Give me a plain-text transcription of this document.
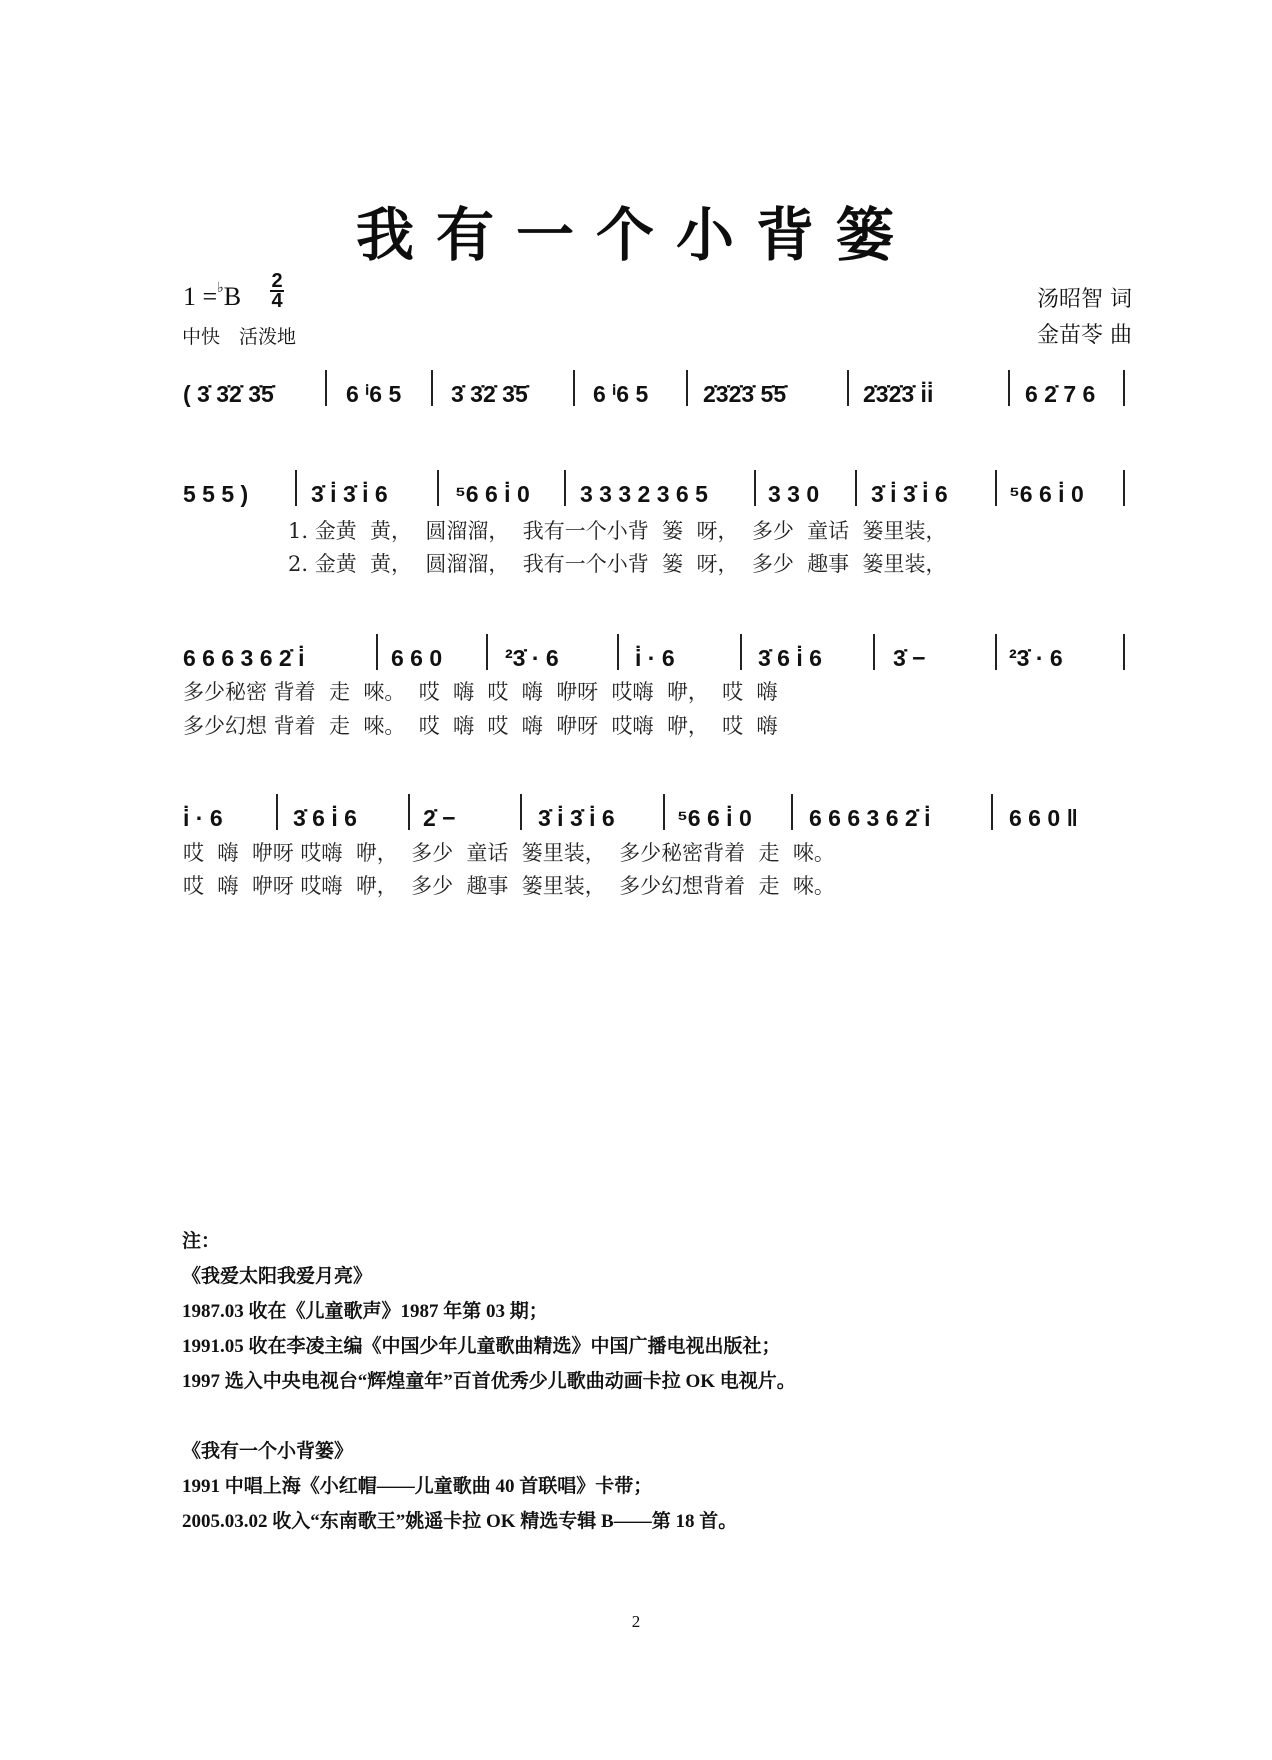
我有一个小背篓
1 =♭B
2
4
中快　活泼地
汤昭智 词
金苗苓 曲
( 3̇ 3̇2̇ 3̇5̇	6 ⁱ6 5 3̇ 3̇2̇ 3̇5̇	6 ⁱ6 5 2̇3̇2̇3̇ 5̇5̇	2̇3̇2̇3̇ i̇i̇	6 2̇ 7 6
5 5 5 )	3̇ i̇ 3̇ i̇ 6	⁵6 6 i̇ 0 3 3 3 2 3 6 5	3 3 0 3̇ i̇ 3̇ i̇ 6	⁵6 6 i̇ 0
1. 金黄  黄，  圆溜溜，  我有一个小背  篓  呀，  多少  童话  篓里装，
2. 金黄  黄，  圆溜溜，  我有一个小背  篓  呀，  多少  趣事  篓里装，
6 6 6 3 6 2̇ i̇	6 6 0	²3̇ · 6	i̇ · 6	3̇ 6 i̇ 6	3̇ −	²3̇ · 6
多少秘密 背着  走  唻。  哎  嗨  哎  嗨  咿呀  哎嗨  咿，  哎  嗨
多少幻想 背着  走  唻。  哎  嗨  哎  嗨  咿呀  哎嗨  咿，  哎  嗨
i̇ · 6	3̇ 6 i̇ 6	2̇ −	3̇ i̇ 3̇ i̇ 6	⁵6 6 i̇ 0 6 6 6 3 6 2̇ i̇	6 6 0 ‖
哎  嗨  咿呀 哎嗨  咿，  多少  童话  篓里装，  多少秘密背着  走  唻。
哎  嗨  咿呀 哎嗨  咿，  多少  趣事  篓里装，  多少幻想背着  走  唻。
注：
《我爱太阳我爱月亮》
1987.03 收在《儿童歌声》1987 年第 03 期；
1991.05 收在李凌主编《中国少年儿童歌曲精选》中国广播电视出版社；
1997 选入中央电视台“辉煌童年”百首优秀少儿歌曲动画卡拉 OK 电视片。
《我有一个小背篓》
1991 中唱上海《小红帽——儿童歌曲 40 首联唱》卡带；
2005.03.02 收入“东南歌王”姚遥卡拉 OK 精选专辑 B——第 18 首。
2
